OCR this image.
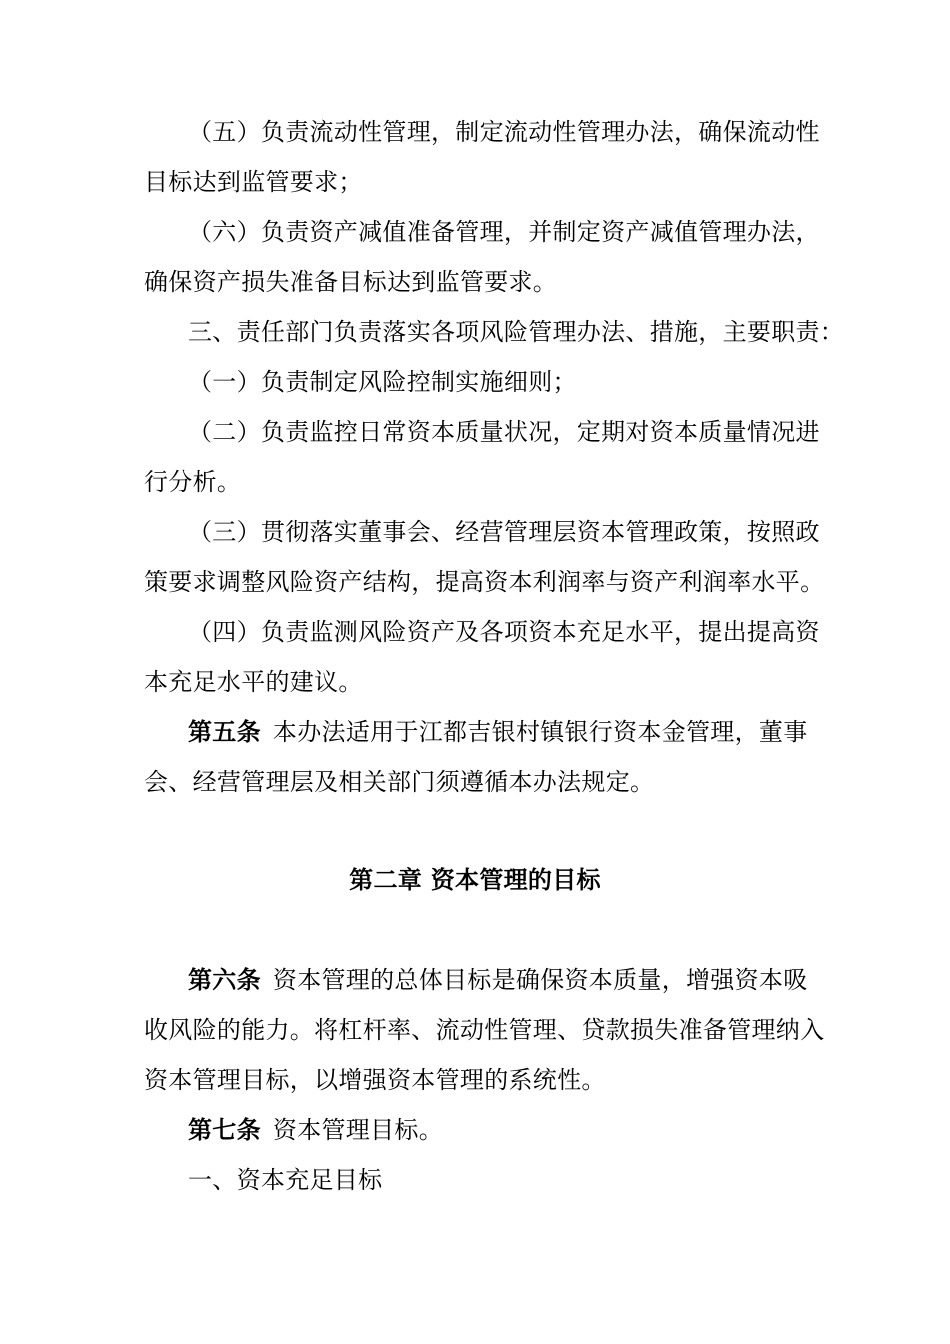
（五）负责流动性管理，制定流动性管理办法，确保流动性
目标达到监管要求；
（六）负责资产减值准备管理，并制定资产减值管理办法，
确保资产损失准备目标达到监管要求。
三、责任部门负责落实各项风险管理办法、措施，主要职责：
（一）负责制定风险控制实施细则；
（二）负责监控日常资本质量状况，定期对资本质量情况进
行分析。
（三）贯彻落实董事会、经营管理层资本管理政策，按照政
策要求调整风险资产结构，提高资本利润率与资产利润率水平。
（四）负责监测风险资产及各项资本充足水平，提出提高资
本充足水平的建议。
第五条 本办法适用于江都吉银村镇银行资本金管理，董事
会、经营管理层及相关部门须遵循本办法规定。
第二章 资本管理的目标
第六条 资本管理的总体目标是确保资本质量，增强资本吸
收风险的能力。将杠杆率、流动性管理、贷款损失准备管理纳入
资本管理目标，以增强资本管理的系统性。
第七条 资本管理目标。
一、资本充足目标
